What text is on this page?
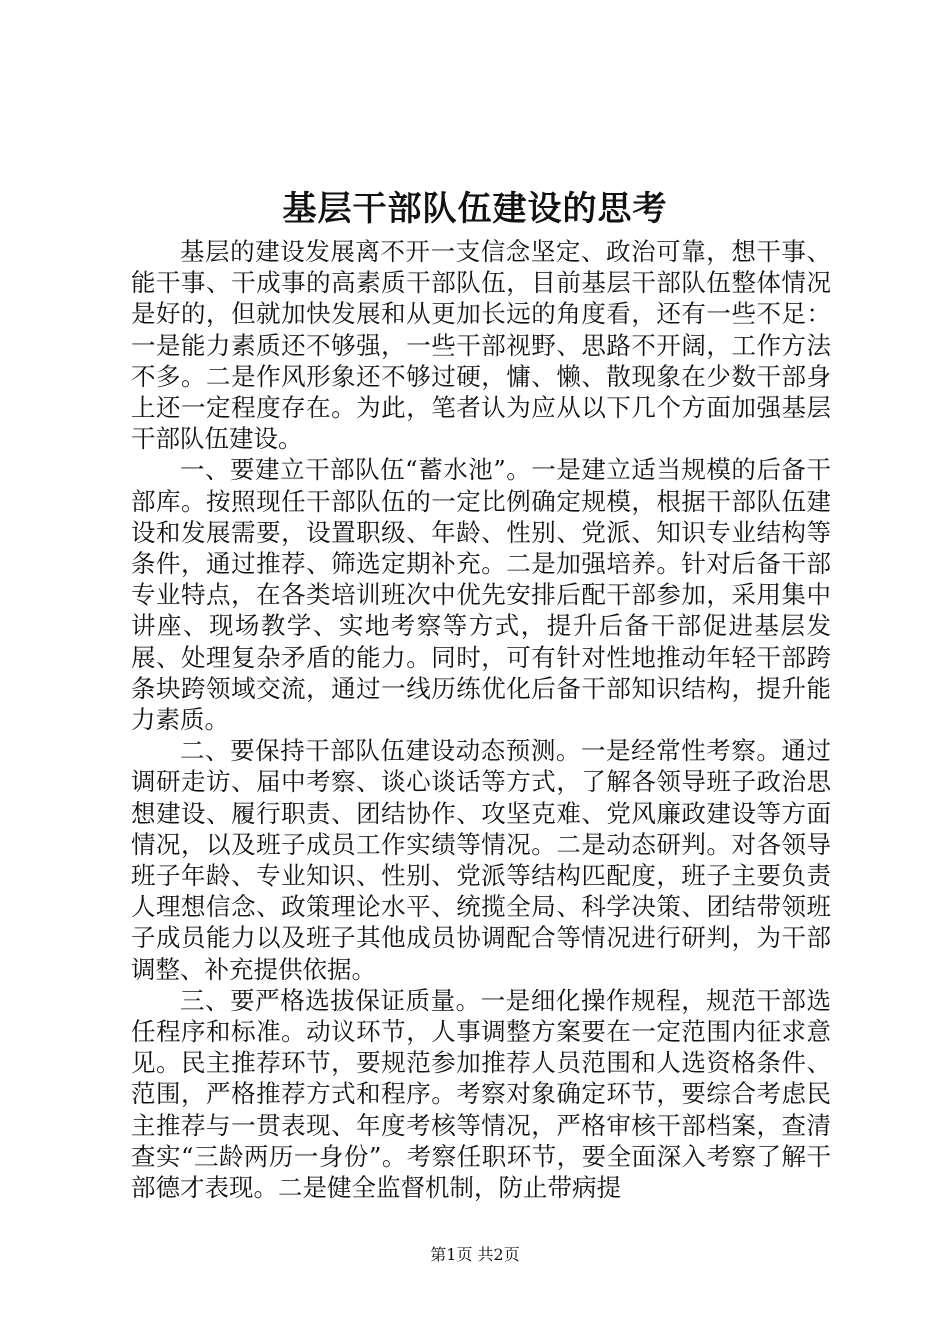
基层干部队伍建设的思考

基层的建设发展离不开一支信念坚定、政治可靠，想干事、能干事、干成事的高素质干部队伍，目前基层干部队伍整体情况是好的，但就加快发展和从更加长远的角度看，还有一些不足：一是能力素质还不够强，一些干部视野、思路不开阔，工作方法不多。二是作风形象还不够过硬，慵、懒、散现象在少数干部身上还一定程度存在。为此，笔者认为应从以下几个方面加强基层干部队伍建设。

一、要建立干部队伍“蓄水池”。一是建立适当规模的后备干部库。按照现任干部队伍的一定比例确定规模，根据干部队伍建设和发展需要，设置职级、年龄、性别、党派、知识专业结构等条件，通过推荐、筛选定期补充。二是加强培养。针对后备干部专业特点，在各类培训班次中优先安排后配干部参加，采用集中讲座、现场教学、实地考察等方式，提升后备干部促进基层发展、处理复杂矛盾的能力。同时，可有针对性地推动年轻干部跨条块跨领域交流，通过一线历练优化后备干部知识结构，提升能力素质。

二、要保持干部队伍建设动态预测。一是经常性考察。通过调研走访、届中考察、谈心谈话等方式，了解各领导班子政治思想建设、履行职责、团结协作、攻坚克难、党风廉政建设等方面情况，以及班子成员工作实绩等情况。二是动态研判。对各领导班子年龄、专业知识、性别、党派等结构匹配度，班子主要负责人理想信念、政策理论水平、统揽全局、科学决策、团结带领班子成员能力以及班子其他成员协调配合等情况进行研判，为干部调整、补充提供依据。

三、要严格选拔保证质量。一是细化操作规程，规范干部选任程序和标准。动议环节，人事调整方案要在一定范围内征求意见。民主推荐环节，要规范参加推荐人员范围和人选资格条件、范围，严格推荐方式和程序。考察对象确定环节，要综合考虑民主推荐与一贯表现、年度考核等情况，严格审核干部档案，查清查实“三龄两历一身份”。考察任职环节，要全面深入考察了解干部德才表现。二是健全监督机制，防止带病提

第1页 共2页
